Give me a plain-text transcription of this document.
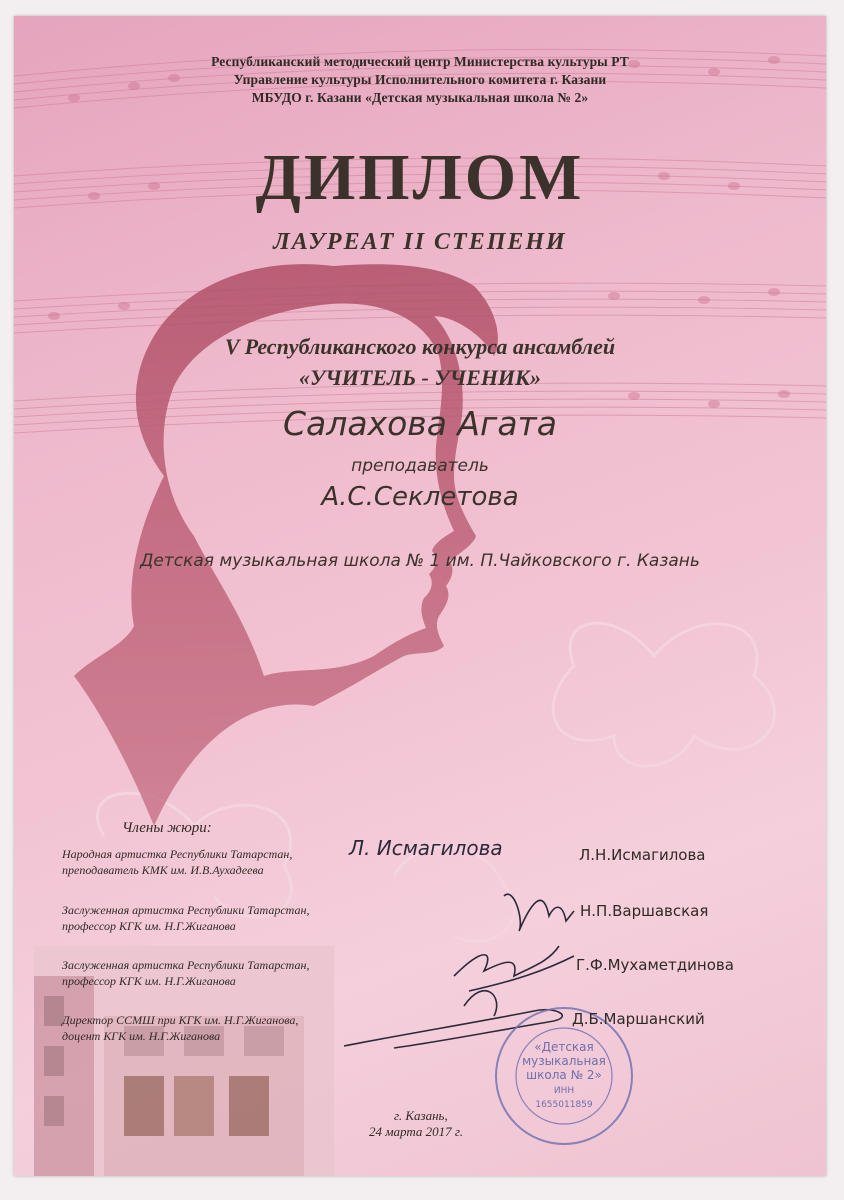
Республиканский методический центр Министерства культуры РТ
Управление культуры Исполнительного комитета г. Казани
МБУДО г. Казани «Детская музыкальная школа № 2»
ДИПЛОМ
ЛАУРЕАТ II СТЕПЕНИ
V Республиканского конкурса ансамблей
«УЧИТЕЛЬ - УЧЕНИК»
Салахова Агата
преподаватель
А.С.Секлетова
Детская музыкальная школа № 1 им. П.Чайковского г. Казань
Члены жюри:
Народная артистка Республики Татарстан,
преподаватель КМК им. И.В.Аухадеева
Л. Исмагилова	Л.Н.Исмагилова
Заслуженная артистка Республики Татарстан,
профессор КГК им. Н.Г.Жиганова
Н.П.Варшавская
Заслуженная артистка Республики Татарстан,
профессор КГК им. Н.Г.Жиганова
Г.Ф.Мухаметдинова
Директор ССМШ при КГК им. Н.Г.Жиганова,
доцент КГК им. Н.Г.Жиганова
Д.Б.Маршанский
«Детская
музыкальная
школа № 2»
ИНН
1655011859
г. Казань,
24 марта 2017 г.
